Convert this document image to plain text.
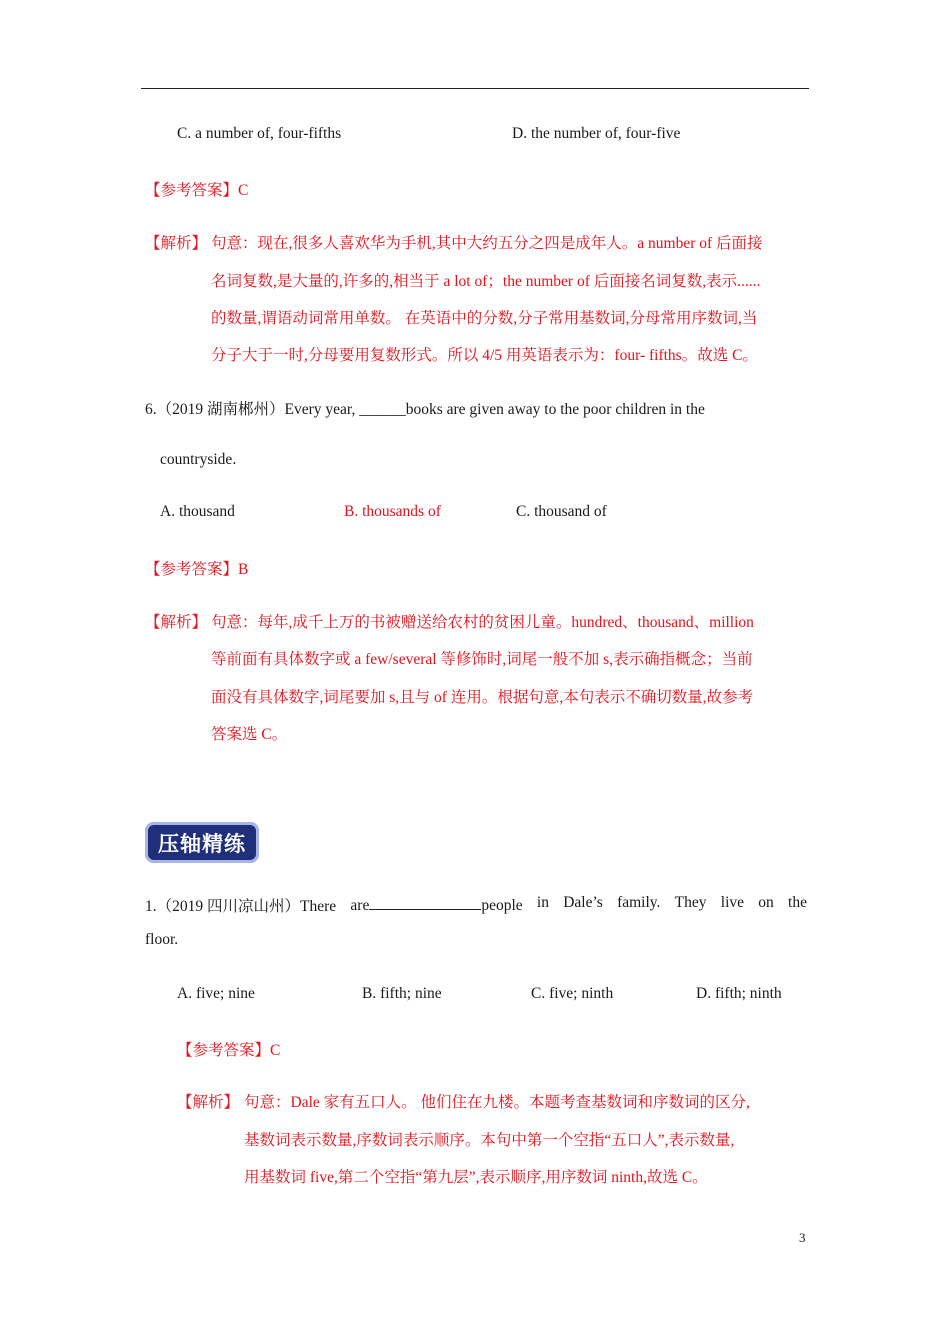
C. a number of, four-fifths	D. the number of, four-five
【参考答案】C
【解析】 句意：现在,很多人喜欢华为手机,其中大约五分之四是成年人。a number of 后面接
名词复数,是大量的,许多的,相当于 a lot of；the number of 后面接名词复数,表示......
的数量,谓语动词常用单数。 在英语中的分数,分子常用基数词,分母常用序数词,当
分子大于一时,分母要用复数形式。所以 4/5 用英语表示为：four- fifths。故选 C。
6.（2019 湖南郴州）Every year, ______books are given away to the poor children in the
countryside.
A. thousand	B. thousands of	C. thousand of
【参考答案】B
【解析】 句意：每年,成千上万的书被赠送给农村的贫困儿童。hundred、thousand、million
等前面有具体数字或 a few/several 等修饰时,词尾一般不加 s,表示确指概念；当前
面没有具体数字,词尾要加 s,且与 of 连用。根据句意,本句表示不确切数量,故参考
答案选 C。
压轴精练
1.（2019 四川凉山州）There are	people in Dale’s family. They live on the
floor.
A. five; nine	B. fifth; nine	C. five; ninth	D. fifth; ninth
【参考答案】C
【解析】 句意：Dale 家有五口人。 他们住在九楼。本题考查基数词和序数词的区分,
基数词表示数量,序数词表示顺序。本句中第一个空指“五口人”,表示数量,
用基数词 five,第二个空指“第九层”,表示顺序,用序数词 ninth,故选 C。
3
